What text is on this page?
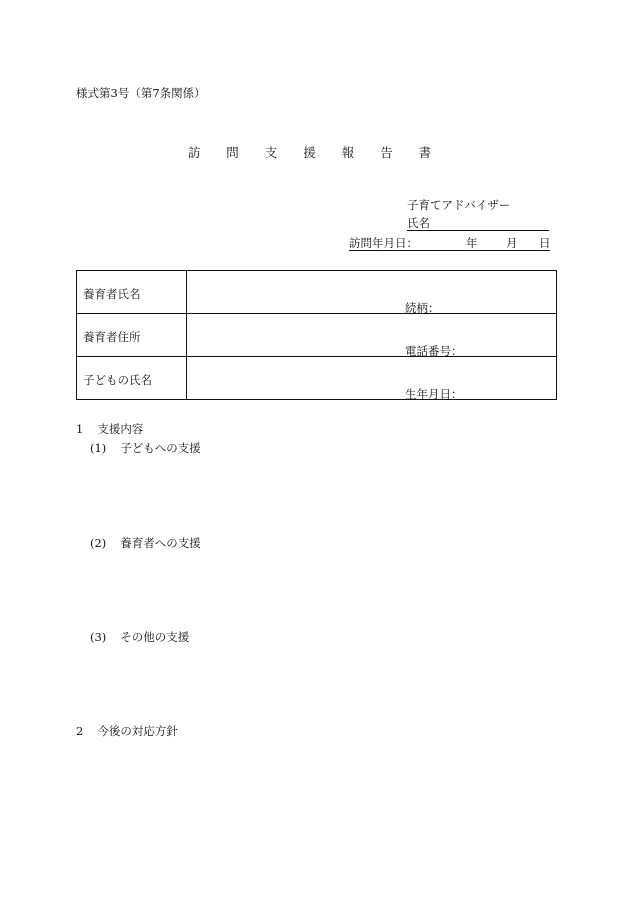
様式第3号（第7条関係）
訪 問 支 援 報 告 書
子育てアドバイザー
氏名
訪問年月日：	年 月 日
養育者氏名	続柄：

養育者住所	電話番号：

子どもの氏名	生年月日：
1 支援内容
(1) 子どもへの支援
(2) 養育者への支援
(3) その他の支援
2 今後の対応方針
